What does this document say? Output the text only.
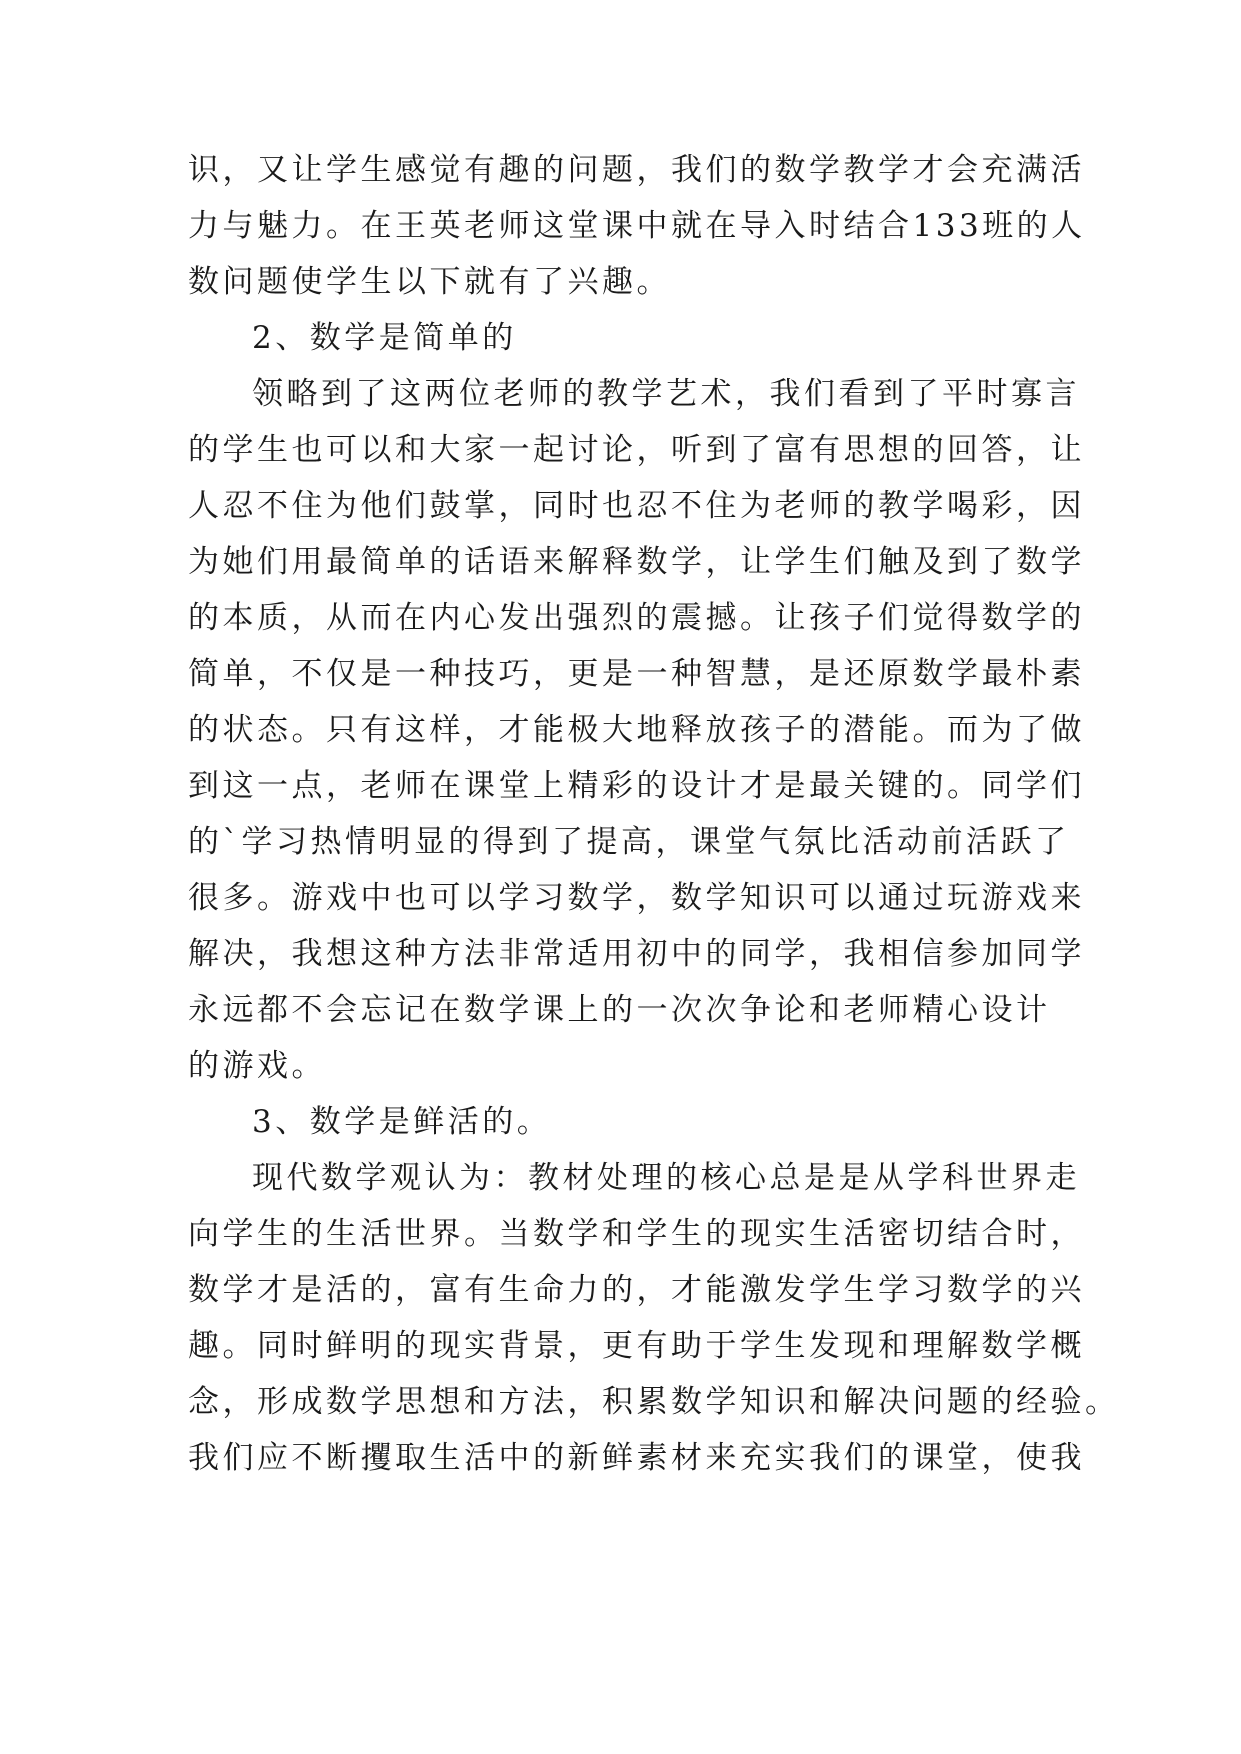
识，又让学生感觉有趣的问题，我们的数学教学才会充满活
力与魅力。在王英老师这堂课中就在导入时结合133班的人
数问题使学生以下就有了兴趣。
2、数学是简单的
领略到了这两位老师的教学艺术，我们看到了平时寡言
的学生也可以和大家一起讨论，听到了富有思想的回答，让
人忍不住为他们鼓掌，同时也忍不住为老师的教学喝彩，因
为她们用最简单的话语来解释数学，让学生们触及到了数学
的本质，从而在内心发出强烈的震撼。让孩子们觉得数学的
简单，不仅是一种技巧，更是一种智慧，是还原数学最朴素
的状态。只有这样，才能极大地释放孩子的潜能。而为了做
到这一点，老师在课堂上精彩的设计才是最关键的。同学们
的`学习热情明显的得到了提高，课堂气氛比活动前活跃了
很多。游戏中也可以学习数学，数学知识可以通过玩游戏来
解决，我想这种方法非常适用初中的同学，我相信参加同学
永远都不会忘记在数学课上的一次次争论和老师精心设计
的游戏。
3、数学是鲜活的。
现代数学观认为：教材处理的核心总是是从学科世界走
向学生的生活世界。当数学和学生的现实生活密切结合时，
数学才是活的，富有生命力的，才能激发学生学习数学的兴
趣。同时鲜明的现实背景，更有助于学生发现和理解数学概
念，形成数学思想和方法，积累数学知识和解决问题的经验。
我们应不断攫取生活中的新鲜素材来充实我们的课堂，使我
